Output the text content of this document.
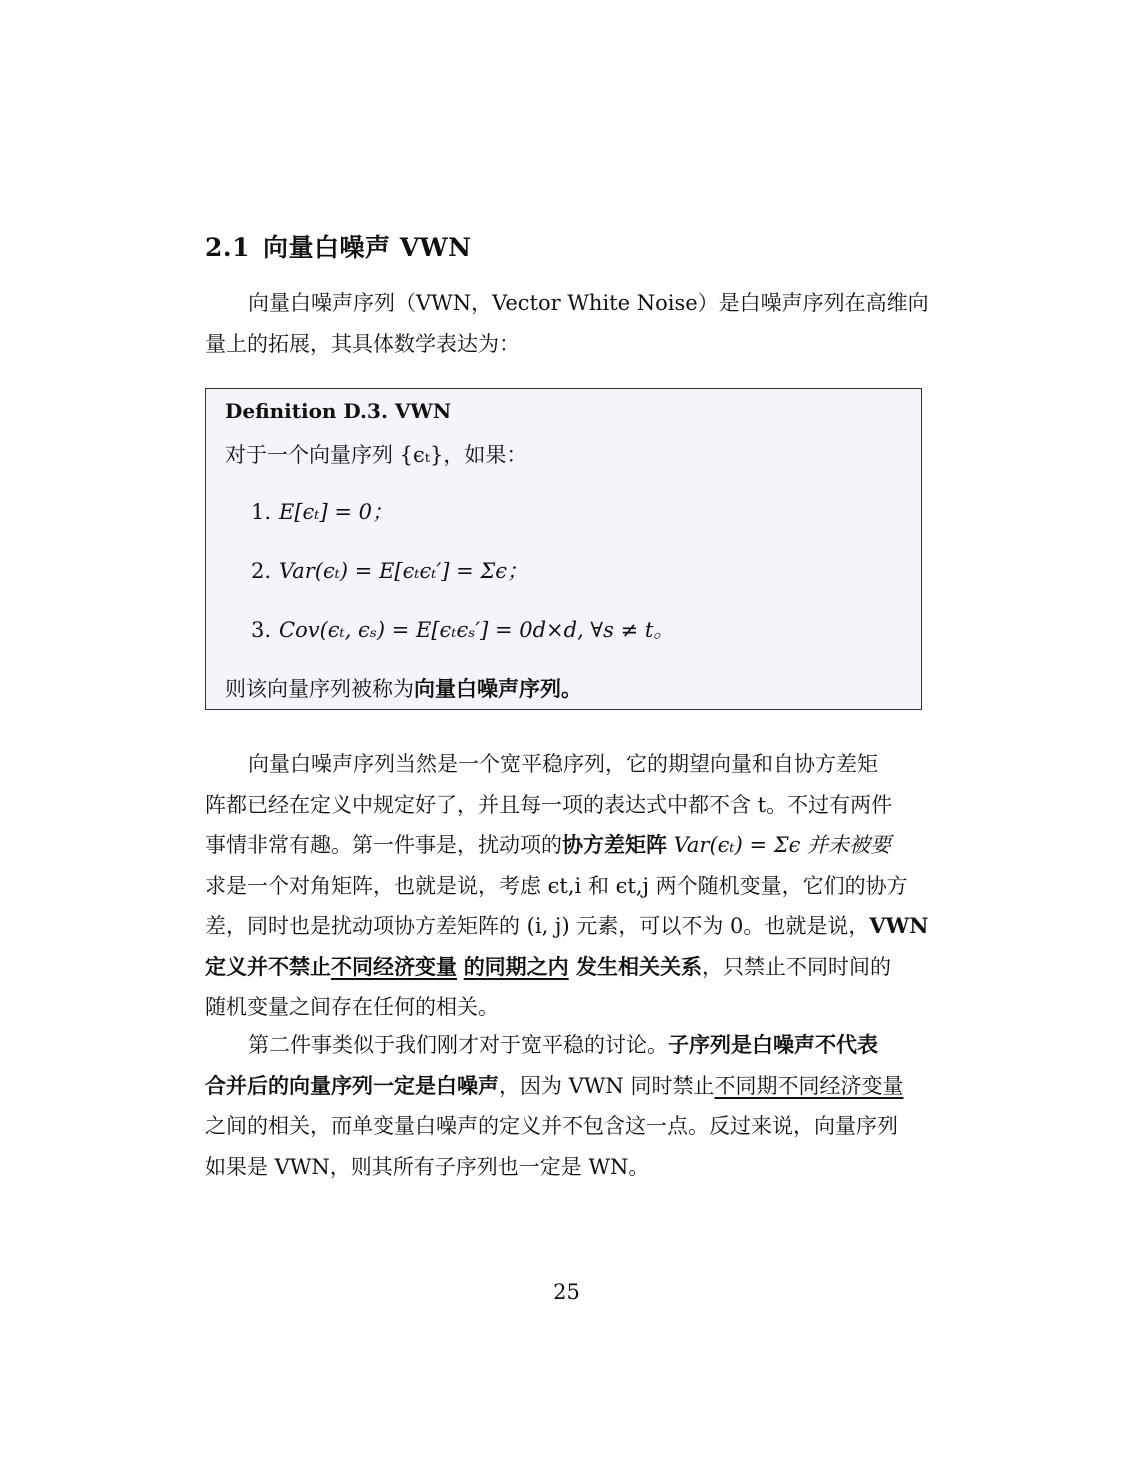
2.1 向量白噪声 VWN
向量白噪声序列（VWN，Vector White Noise）是白噪声序列在高维向
量上的拓展，其具体数学表达为：
Definition D.3. VWN
对于一个向量序列 {ϵₜ}，如果：
1. E[ϵₜ] = 0；
2. Var(ϵₜ) = E[ϵₜϵₜ′] = Σϵ；
3. Cov(ϵₜ, ϵₛ) = E[ϵₜϵₛ′] = 0d×d, ∀s ≠ t。
则该向量序列被称为向量白噪声序列。
向量白噪声序列当然是一个宽平稳序列，它的期望向量和自协方差矩
阵都已经在定义中规定好了，并且每一项的表达式中都不含 t。不过有两件
事情非常有趣。第一件事是，扰动项的协方差矩阵 Var(ϵₜ) = Σϵ 并未被要
求是一个对角矩阵，也就是说，考虑 ϵt,i 和 ϵt,j 两个随机变量，它们的协方
差，同时也是扰动项协方差矩阵的 (i, j) 元素，可以不为 0。也就是说，VWN
定义并不禁止不同经济变量 的同期之内 发生相关关系，只禁止不同时间的
随机变量之间存在任何的相关。
第二件事类似于我们刚才对于宽平稳的讨论。子序列是白噪声不代表
合并后的向量序列一定是白噪声，因为 VWN 同时禁止不同期不同经济变量
之间的相关，而单变量白噪声的定义并不包含这一点。反过来说，向量序列
如果是 VWN，则其所有子序列也一定是 WN。
25
